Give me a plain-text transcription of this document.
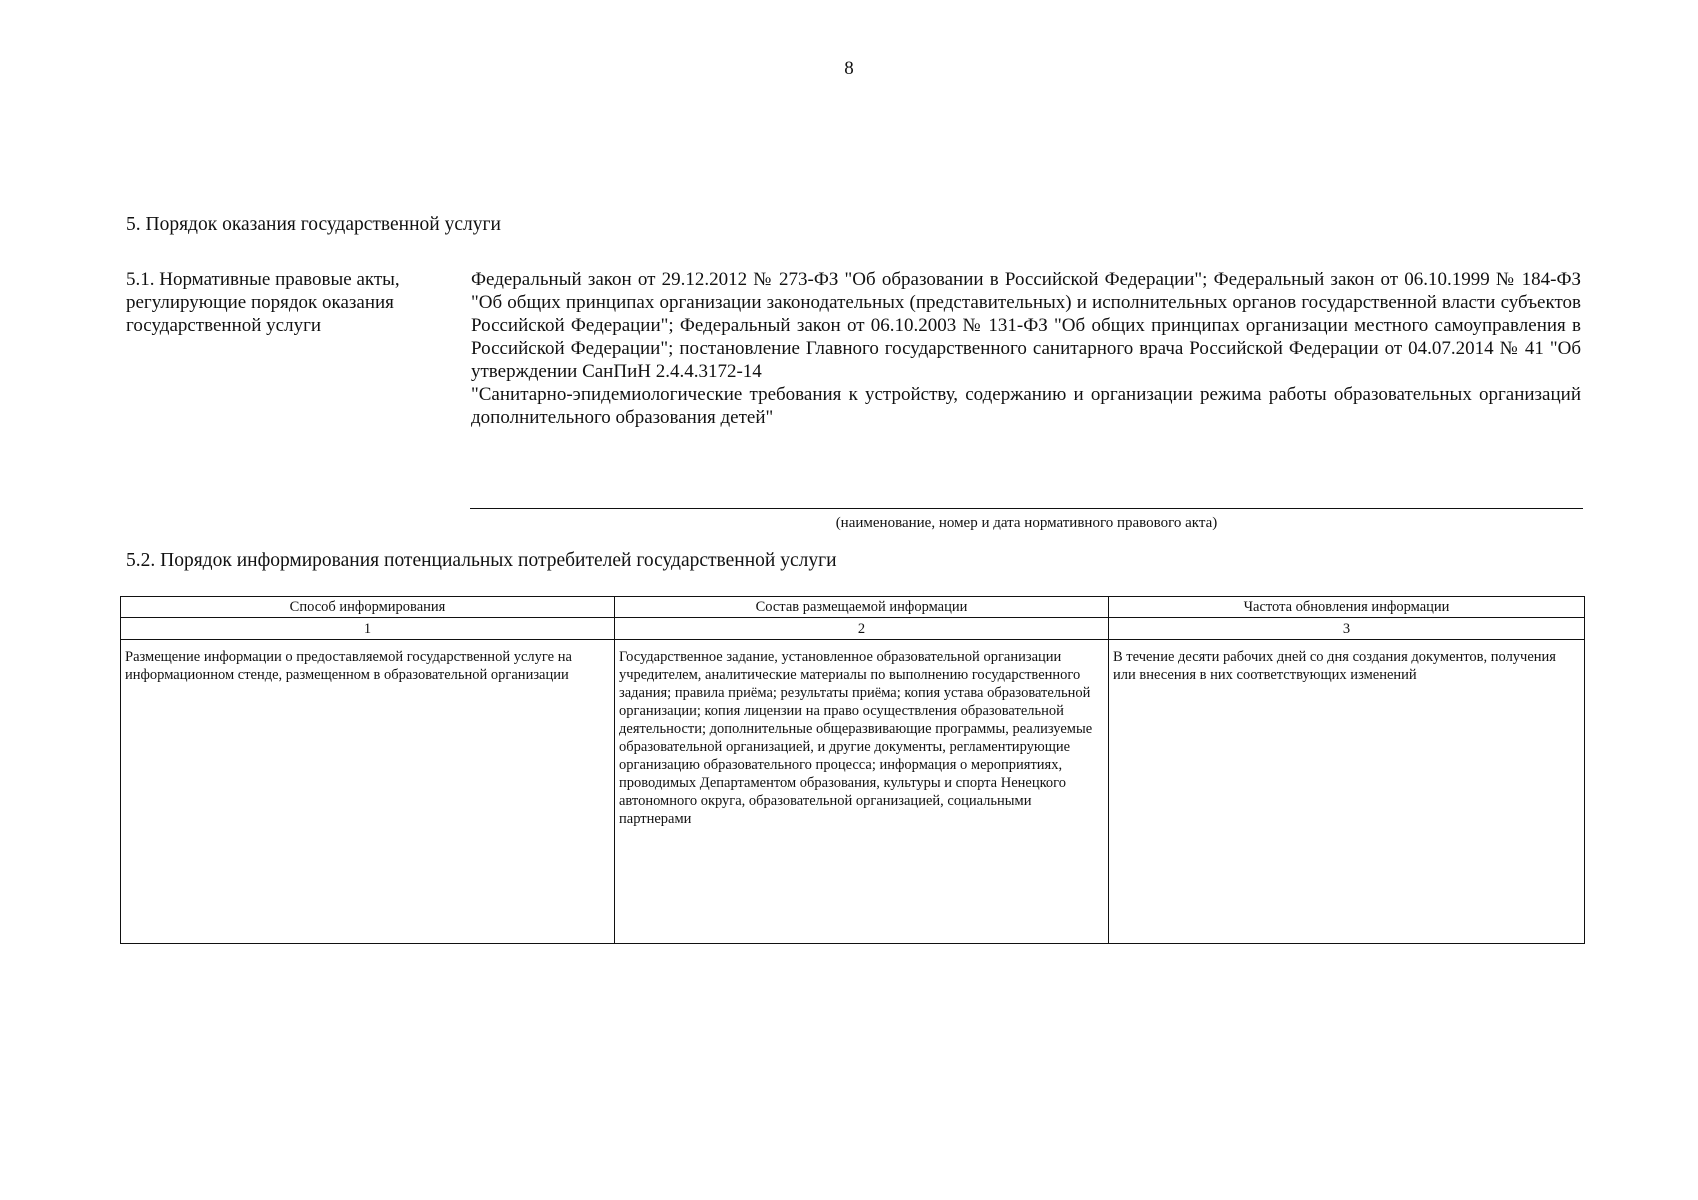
8
5. Порядок оказания государственной услуги
5.1. Нормативные правовые акты, регулирующие порядок оказания государственной услуги

Федеральный закон от 29.12.2012 № 273-ФЗ "Об образовании в Российской Федерации"; Федеральный закон от 06.10.1999 № 184-ФЗ "Об общих принципах организации законодательных (представительных) и исполнительных органов государственной власти субъектов Российской Федерации"; Федеральный закон от 06.10.2003 № 131-ФЗ "Об общих принципах организации местного самоуправления в Российской Федерации"; постановление Главного государственного санитарного врача Российской Федерации от 04.07.2014 № 41 "Об утверждении СанПиН 2.4.4.3172-14

"Санитарно-эпидемиологические требования к устройству, содержанию и организации режима работы образовательных организаций дополнительного образования детей"

(наименование, номер и дата нормативного правового акта)
5.2. Порядок информирования потенциальных потребителей государственной услуги
Способ информирования	Состав размещаемой информации	Частота обновления информации
1	2	3
Размещение информации о предоставляемой государственной услуге на информационном стенде, размещенном в образовательной организации	Государственное задание, установленное образовательной организации учредителем, аналитические материалы по выполнению государственного задания; правила приёма; результаты приёма; копия устава образовательной организации; копия лицензии на право осуществления образовательной деятельности; дополнительные общеразвивающие программы, реализуемые образовательной организацией, и другие документы, регламентирующие организацию образовательного процесса; информация о мероприятиях, проводимых Департаментом образования, культуры и спорта Ненецкого автономного округа, образовательной организацией, социальными партнерами	В течение десяти рабочих дней со дня создания документов, получения или внесения в них соответствующих изменений
